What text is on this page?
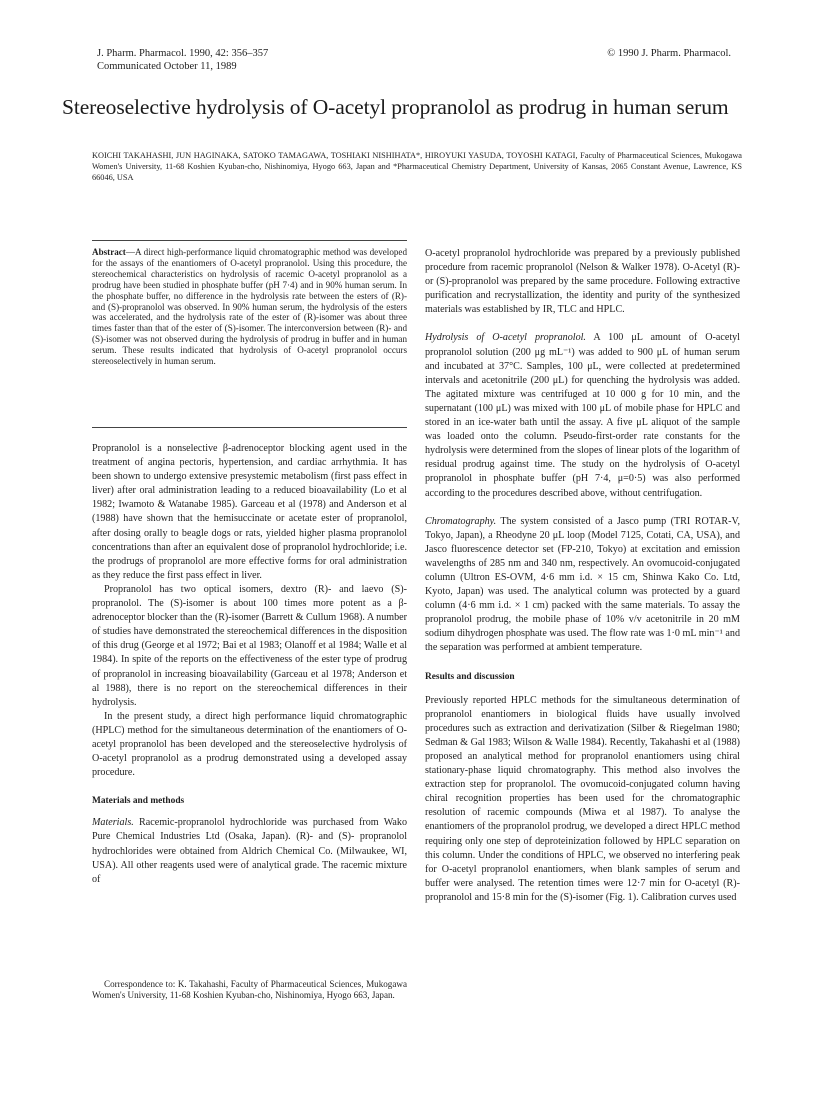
J. Pharm. Pharmacol. 1990, 42: 356–357
Communicated October 11, 1989
© 1990 J. Pharm. Pharmacol.
Stereoselective hydrolysis of O-acetyl propranolol as prodrug in human serum
KOICHI TAKAHASHI, JUN HAGINAKA, SATOKO TAMAGAWA, TOSHIAKI NISHIHATA*, HIROYUKI YASUDA, TOYOSHI KATAGI, Faculty of Pharmaceutical Sciences, Mukogawa Women's University, 11-68 Koshien Kyuban-cho, Nishinomiya, Hyogo 663, Japan and *Pharmaceutical Chemistry Department, University of Kansas, 2065 Constant Avenue, Lawrence, KS 66046, USA

Abstract—A direct high-performance liquid chromatographic method was developed for the assays of the enantiomers of O-acetyl propranolol. Using this procedure, the stereochemical characteristics on hydrolysis of racemic O-acetyl propranolol as a prodrug have been studied in phosphate buffer (pH 7·4) and in 90% human serum. In the phosphate buffer, no difference in the hydrolysis rate between the esters of (R)- and (S)-propranolol was observed. In 90% human serum, the hydrolysis of the esters was accelerated, and the hydrolysis rate of the ester of (R)-isomer was about three times faster than that of the ester of (S)-isomer. The interconversion between (R)- and (S)-isomer was not observed during the hydrolysis of prodrug in buffer and in human serum. These results indicated that hydrolysis of O-acetyl propranolol occurs stereoselectively in human serum.

Propranolol is a nonselective β-adrenoceptor blocking agent used in the treatment of angina pectoris, hypertension, and cardiac arrhythmia. It has been shown to undergo extensive presystemic metabolism (first pass effect in liver) after oral administration leading to a reduced bioavailability (Lo et al 1982; Iwamoto & Watanabe 1985). Garceau et al (1978) and Anderson et al (1988) have shown that the hemisuccinate or acetate ester of propranolol, after dosing orally to beagle dogs or rats, yielded higher plasma propranolol concentrations than after an equivalent dose of propranolol hydrochloride; i.e. the prodrugs of propranolol are more effective forms for oral administration as they reduce the first pass effect in liver.

Propranolol has two optical isomers, dextro (R)- and laevo (S)-propranolol. The (S)-isomer is about 100 times more potent as a β-adrenoceptor blocker than the (R)-isomer (Barrett & Cullum 1968). A number of studies have demonstrated the stereochemical differences in the disposition of this drug (George et al 1972; Bai et al 1983; Olanoff et al 1984; Walle et al 1984). In spite of the reports on the effectiveness of the ester type of prodrug of propranolol in increasing bioavailability (Garceau et al 1978; Anderson et al 1988), there is no report on the stereochemical differences in their hydrolysis.

In the present study, a direct high performance liquid chromatographic (HPLC) method for the simultaneous determination of the enantiomers of O-acetyl propranolol has been developed and the stereoselective hydrolysis of O-acetyl propranolol as a prodrug demonstrated using a developed assay procedure.

Materials and methods

Materials. Racemic-propranolol hydrochloride was purchased from Wako Pure Chemical Industries Ltd (Osaka, Japan). (R)- and (S)- propranolol hydrochlorides were obtained from Aldrich Chemical Co. (Milwaukee, WI, USA). All other reagents used were of analytical grade. The racemic mixture of

Correspondence to: K. Takahashi, Faculty of Pharmaceutical Sciences, Mukogawa Women's University, 11-68 Koshien Kyuban-cho, Nishinomiya, Hyogo 663, Japan.

O-acetyl propranolol hydrochloride was prepared by a previously published procedure from racemic propranolol (Nelson & Walker 1978). O-Acetyl (R)- or (S)-propranolol was prepared by the same procedure. Following extractive purification and recrystallization, the identity and purity of the synthesized materials was established by IR, TLC and HPLC.

Hydrolysis of O-acetyl propranolol. A 100 μL amount of O-acetyl propranolol solution (200 μg mL⁻¹) was added to 900 μL of human serum and incubated at 37°C. Samples, 100 μL, were collected at predetermined intervals and acetonitrile (200 μL) for quenching the hydrolysis was added. The agitated mixture was centrifuged at 10 000 g for 10 min, and the supernatant (100 μL) was mixed with 100 μL of mobile phase for HPLC and stored in an ice-water bath until the assay. A five μL aliquot of the sample was loaded onto the column. Pseudo-first-order rate constants for the hydrolysis were determined from the slopes of linear plots of the logarithm of residual prodrug against time. The study on the hydrolysis of O-acetyl propranolol in phosphate buffer (pH 7·4, μ=0·5) was also performed according to the procedures described above, without centrifugation.

Chromatography. The system consisted of a Jasco pump (TRI ROTAR-V, Tokyo, Japan), a Rheodyne 20 μL loop (Model 7125, Cotati, CA, USA), and Jasco fluorescence detector set (FP-210, Tokyo) at excitation and emission wavelengths of 285 nm and 340 nm, respectively. An ovomucoid-conjugated column (Ultron ES-OVM, 4·6 mm i.d. × 15 cm, Shinwa Kako Co. Ltd, Kyoto, Japan) was used. The analytical column was protected by a guard column (4·6 mm i.d. × 1 cm) packed with the same materials. To assay the propranolol prodrug, the mobile phase of 10% v/v acetonitrile in 20 mM sodium dihydrogen phosphate was used. The flow rate was 1·0 mL min⁻¹ and the separation was performed at ambient temperature.

Results and discussion

Previously reported HPLC methods for the simultaneous determination of propranolol enantiomers in biological fluids have usually involved procedures such as extraction and derivatization (Silber & Riegelman 1980; Sedman & Gal 1983; Wilson & Walle 1984). Recently, Takahashi et al (1988) proposed an analytical method for propranolol enantiomers using chiral stationary-phase liquid chromatography. This method also involves the extraction step for propranolol. The ovomucoid-conjugated column having chiral recognition properties has been used for the chromatographic resolution of racemic compounds (Miwa et al 1987). To analyse the enantiomers of the propranolol prodrug, we developed a direct HPLC method requiring only one step of deproteinization followed by HPLC separation on this column. Under the conditions of HPLC, we observed no interfering peak for O-acetyl propranolol enantiomers, when blank samples of serum and buffer were analysed. The retention times were 12·7 min for O-acetyl (R)-propranolol and 15·8 min for the (S)-isomer (Fig. 1). Calibration curves used
